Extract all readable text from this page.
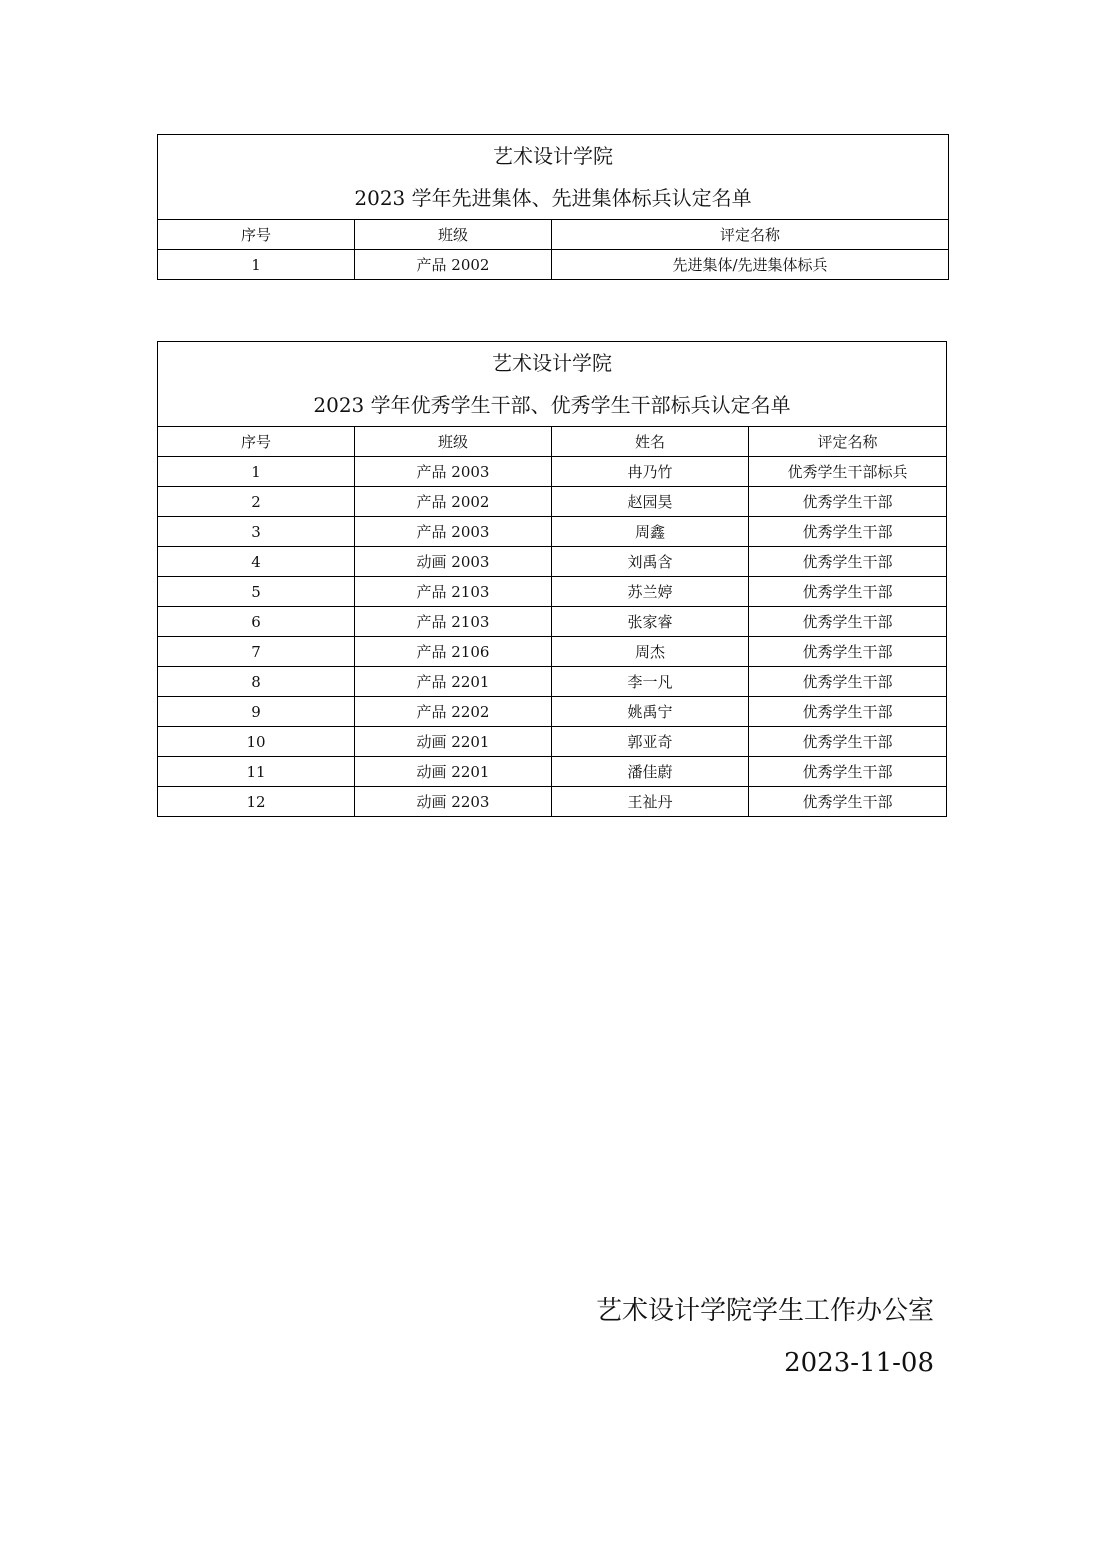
艺术设计学院
2023 学年先进集体、先进集体标兵认定名单		

序号	班级	评定名称
1	产品 2002	先进集体/先进集体标兵
艺术设计学院
2023 学年优秀学生干部、优秀学生干部标兵认定名单			

序号	班级	姓名	评定名称
1	产品 2003	冉乃竹	优秀学生干部标兵
2	产品 2002	赵园昊	优秀学生干部
3	产品 2003	周鑫	优秀学生干部
4	动画 2003	刘禹含	优秀学生干部
5	产品 2103	苏兰婷	优秀学生干部
6	产品 2103	张家睿	优秀学生干部
7	产品 2106	周杰	优秀学生干部
8	产品 2201	李一凡	优秀学生干部
9	产品 2202	姚禹宁	优秀学生干部
10	动画 2201	郭亚奇	优秀学生干部
11	动画 2201	潘佳蔚	优秀学生干部
12	动画 2203	王祉丹	优秀学生干部
艺术设计学院学生工作办公室
2023-11-08
